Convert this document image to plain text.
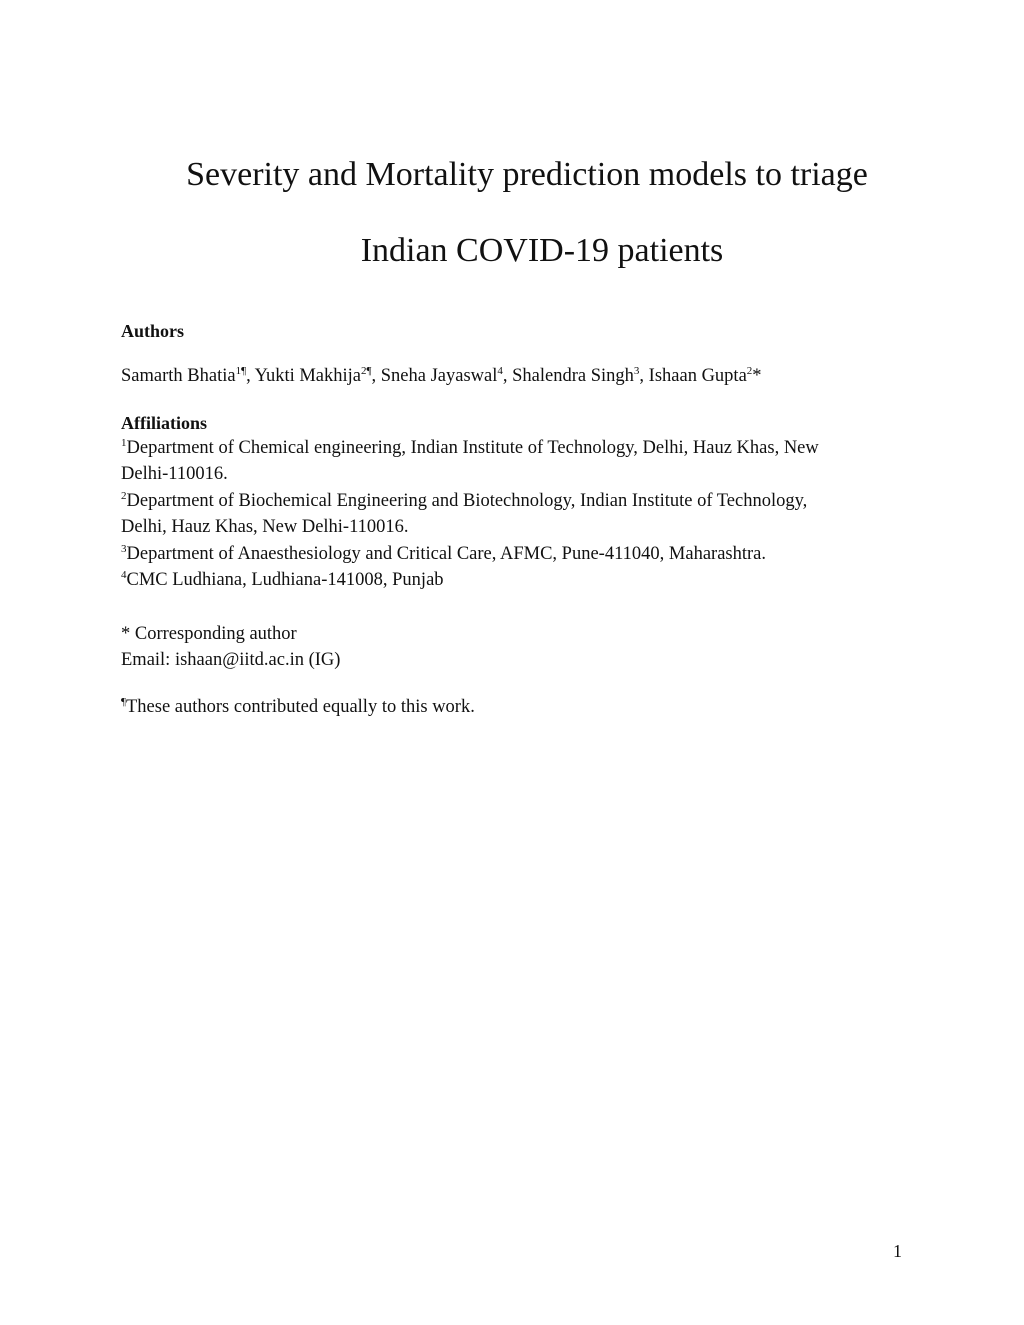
Severity and Mortality prediction models to triage
Indian COVID-19 patients
Authors
Samarth Bhatia$^{1\P}$, Yukti Makhija$^{2\P}$, Sneha Jayaswal$^4$, Shalendra Singh$^3$, Ishaan Gupta$^2$*
Affiliations
$^1$Department of Chemical engineering, Indian Institute of Technology, Delhi, Hauz Khas, New
Delhi-110016.
$^2$Department of Biochemical Engineering and Biotechnology, Indian Institute of Technology,
Delhi, Hauz Khas, New Delhi-110016.
$^3$Department of Anaesthesiology and Critical Care, AFMC, Pune-411040, Maharashtra.
$^4$CMC Ludhiana, Ludhiana-141008, Punjab
* Corresponding author
Email: ishaan@iitd.ac.in (IG)
¶These authors contributed equally to this work.
1
